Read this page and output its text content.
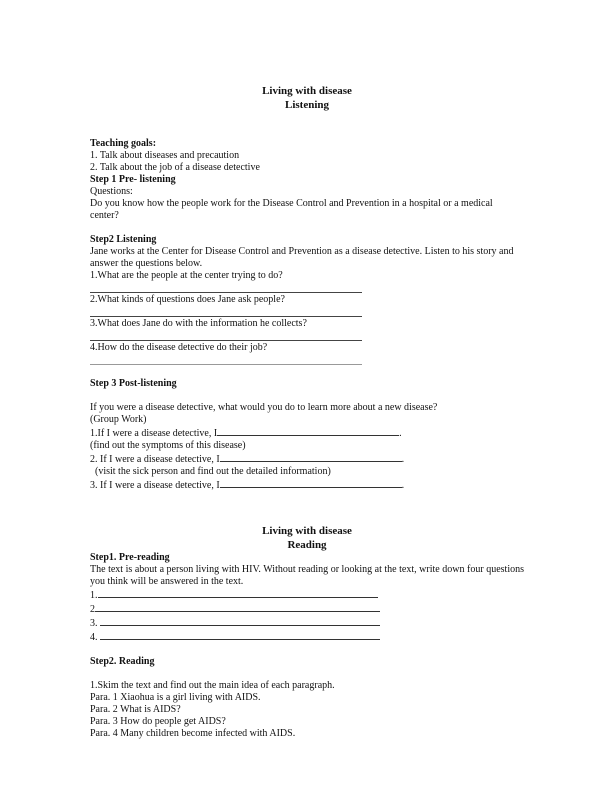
Living with disease
Listening
Teaching goals:
1. Talk about diseases and precaution
2. Talk about the job of a disease detective
Step 1 Pre- listening
Questions:
Do you know how the people work for the Disease Control and Prevention in a hospital or a medical center?
Step2 Listening
Jane works at the Center for Disease Control and Prevention as a disease detective. Listen to his story and answer the questions below.
1.What are the people at the center trying to do?
2.What kinds of questions does Jane ask people?
3.What does Jane do with the information he collects?
4.How do the disease detective do their job?
Step 3 Post-listening
If you were a disease detective, what would you do to learn more about a new disease?
(Group Work)
1.If I were a disease detective, I	.
(find out the symptoms of this disease)
2. If I were a disease detective, I	.
(visit the sick person and find out the detailed information)
3. If I were a disease detective, I	.
Living with disease
Reading
Step1. Pre-reading
The text is about a person living with HIV. Without reading or looking at the text, write down four questions you think will be answered in the text.
1.
2
3.
4.
Step2. Reading
1.Skim the text and find out the main idea of each paragraph.
Para. 1 Xiaohua is a girl living with AIDS.
Para. 2 What is AIDS?
Para. 3 How do people get AIDS?
Para. 4 Many children become infected with AIDS.
